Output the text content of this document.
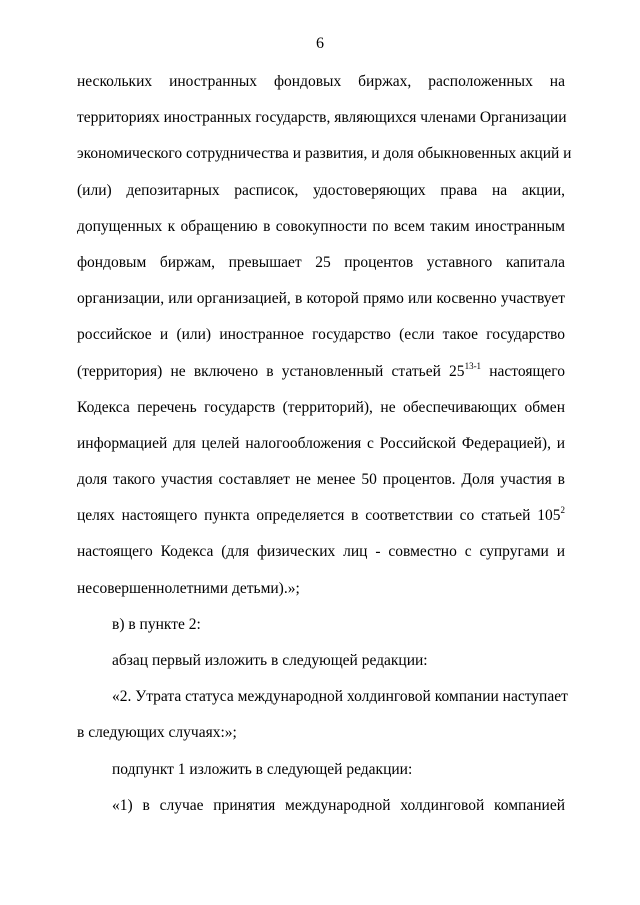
6
нескольких иностранных фондовых биржах, расположенных на
территориях иностранных государств, являющихся членами Организации
экономического сотрудничества и развития, и доля обыкновенных акций и
(или) депозитарных расписок, удостоверяющих права на акции,
допущенных к обращению в совокупности по всем таким иностранным
фондовым биржам, превышает 25 процентов уставного капитала
организации, или организацией, в которой прямо или косвенно участвует
российское и (или) иностранное государство (если такое государство
(территория) не включено в установленный статьей 25$^{13-1}$ настоящего
Кодекса перечень государств (территорий), не обеспечивающих обмен
информацией для целей налогообложения с Российской Федерацией), и
доля такого участия составляет не менее 50 процентов. Доля участия в
целях настоящего пункта определяется в соответствии со статьей $105^2$
настоящего Кодекса (для физических лиц - совместно с супругами и
несовершеннолетними детьми).»;
в) в пункте 2:
абзац первый изложить в следующей редакции:
«2. Утрата статуса международной холдинговой компании наступает
в следующих случаях:»;
подпункт 1 изложить в следующей редакции:
«1) в случае принятия международной холдинговой компанией
